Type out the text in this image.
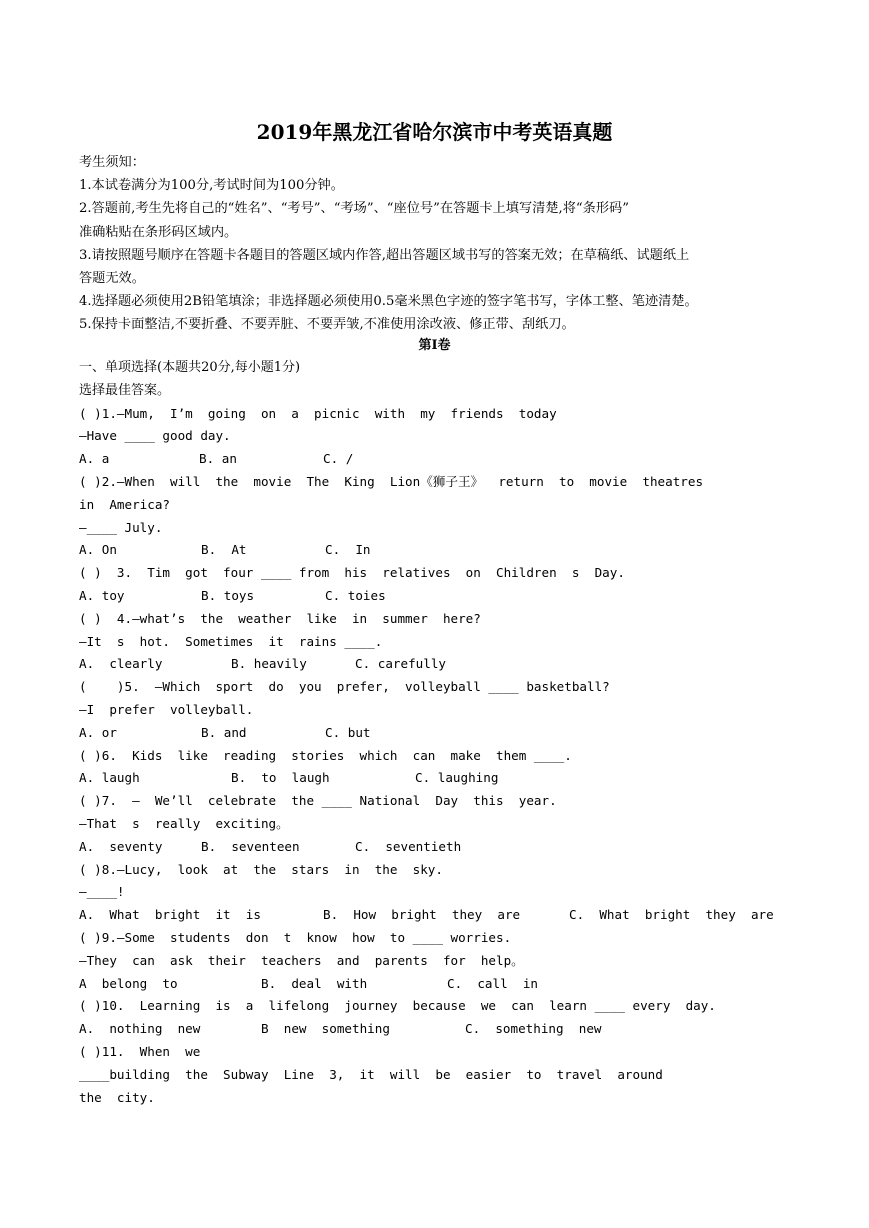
2019年黑龙江省哈尔滨市中考英语真题
考生须知：
1.本试卷满分为100分,考试时间为100分钟。
2.答题前,考生先将自己的“姓名”、“考号”、“考场”、“座位号”在答题卡上填写清楚,将“条形码”
准确粘贴在条形码区域内。
3.请按照题号顺序在答题卡各题目的答题区域内作答,超出答题区域书写的答案无效；在草稿纸、试题纸上
答题无效。
4.选择题必须使用2B铅笔填涂；非选择题必须使用0.5毫米黑色字迹的签字笔书写，字体工整、笔迹清楚。
5.保持卡面整洁,不要折叠、不要弄脏、不要弄皱,不准使用涂改液、修正带、刮纸刀。
第Ⅰ卷
一、单项选择(本题共20分,每小题1分)
选择最佳答案。
( )1.—Mum,  I’m  going  on  a  picnic  with  my  friends  today
—Have ____ good day.
A. a	B. an	C. /
( )2.—When  will  the  movie  The  King  Lion《狮子王》  return  to  movie  theatres
in  America?
—____ July.
A. On	B.  At	C.  In
( )  3.  Tim  got  four ____ from  his  relatives  on  Children  s  Day.
A. toy	B. toys	C. toies
( )  4.—what’s  the  weather  like  in  summer  here?
—It  s  hot.  Sometimes  it  rains ____.
A.  clearly	B. heavily	C. carefully
(    )5.  —Which  sport  do  you  prefer,  volleyball ____ basketball?
—I  prefer  volleyball.
A. or	B. and	C. but
( )6.  Kids  like  reading  stories  which  can  make  them ____.
A. laugh	B.  to  laugh	C. laughing
( )7.  —  We’ll  celebrate  the ____ National  Day  this  year.
—That  s  really  exciting。
A.  seventy	B.  seventeen	C.  seventieth
( )8.—Lucy,  look  at  the  stars  in  the  sky.
—____!
A.  What  bright  it  is	B.  How  bright  they  are	C.  What  bright  they  are
( )9.—Some  students  don  t  know  how  to ____ worries.
—They  can  ask  their  teachers  and  parents  for  help。
A  belong  to	B.  deal  with	C.  call  in
( )10.  Learning  is  a  lifelong  journey  because  we  can  learn ____ every  day.
A.  nothing  new	B  new  something	C.  something  new
( )11.  When  we
____building  the  Subway  Line  3,  it  will  be  easier  to  travel  around
the  city.
